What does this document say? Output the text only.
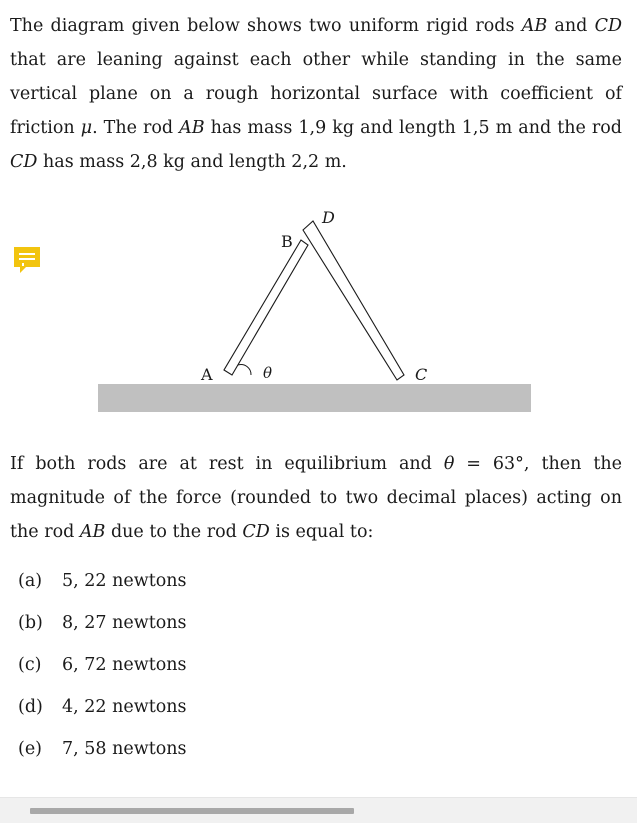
The diagram given below shows two uniform rigid rods AB and CD that are leaning against each other while standing in the same vertical plane on a rough horizontal surface with coefficient of friction μ. The rod AB has mass 1,9 kg and length 1,5 m and the rod CD has mass 2,8 kg and length 2,2 m.

A
B
C
D
θ

If both rods are at rest in equilibrium and θ = 63°, then the magnitude of the force (rounded to two decimal places) acting on the rod AB due to the rod CD is equal to:

(a) 5, 22 newtons
(b) 8, 27 newtons
(c) 6, 72 newtons
(d) 4, 22 newtons
(e) 7, 58 newtons
